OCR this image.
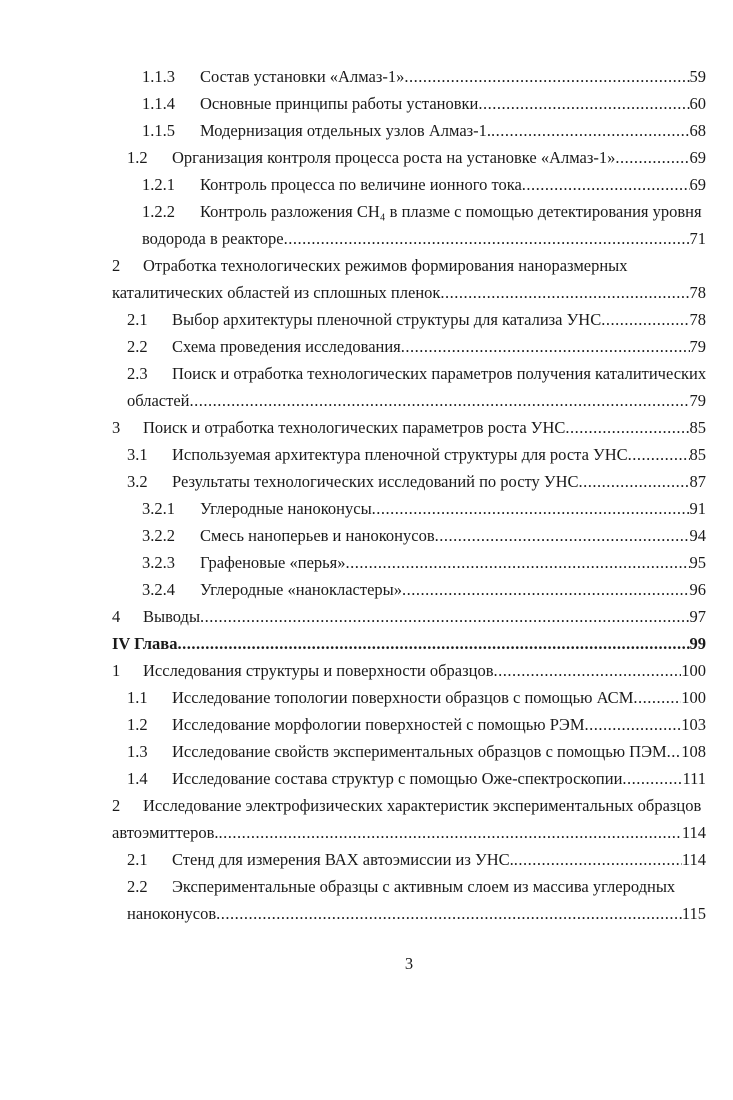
1.1.3	Состав установки «Алмаз-1» .....	59
1.1.4	Основные принципы работы установки .....	60
1.1.5	Модернизация отдельных узлов Алмаз-1. .....	68
1.2	Организация контроля процесса роста на установке «Алмаз-1» .....	69
1.2.1	Контроль процесса по величине ионного тока .....	69
1.2.2	Контроль разложения CH₄ в плазме с помощью детектирования уровня
водорода в реакторе .....	71
2	Отработка технологических режимов формирования наноразмерных
каталитических областей из сплошных пленок .....	78
2.1	Выбор архитектуры пленочной структуры для катализа УНС .....	78
2.2	Схема проведения исследования .....	79
2.3	Поиск и отработка технологических параметров получения каталитических
областей .....	79
3	Поиск и отработка технологических параметров роста УНС .....	85
3.1	Используемая архитектура пленочной структуры для роста УНС .....	85
3.2	Результаты технологических исследований по росту УНС .....	87
3.2.1	Углеродные наноконусы .....	91
3.2.2	Смесь наноперьев и наноконусов .....	94
3.2.3	Графеновые «перья» .....	95
3.2.4	Углеродные «нанокластеры» .....	96
4	Выводы .....	97
IV Глава .....	99
1	Исследования структуры и поверхности образцов .....	100
1.1	Исследование топологии поверхности образцов с помощью АСМ .....	100
1.2	Исследование морфологии поверхностей с помощью РЭМ .....	103
1.3	Исследование свойств экспериментальных образцов с помощью ПЭМ ..... 108
1.4	Исследование состава структур с помощью Оже-спектроскопии .....	111
2	Исследование электрофизических характеристик экспериментальных образцов
автоэмиттеров. .....	114
2.1	Стенд для измерения ВАХ автоэмиссии из УНС. .....	114
2.2	Экспериментальные образцы с активным слоем из массива углеродных
наноконусов .....	115
3
